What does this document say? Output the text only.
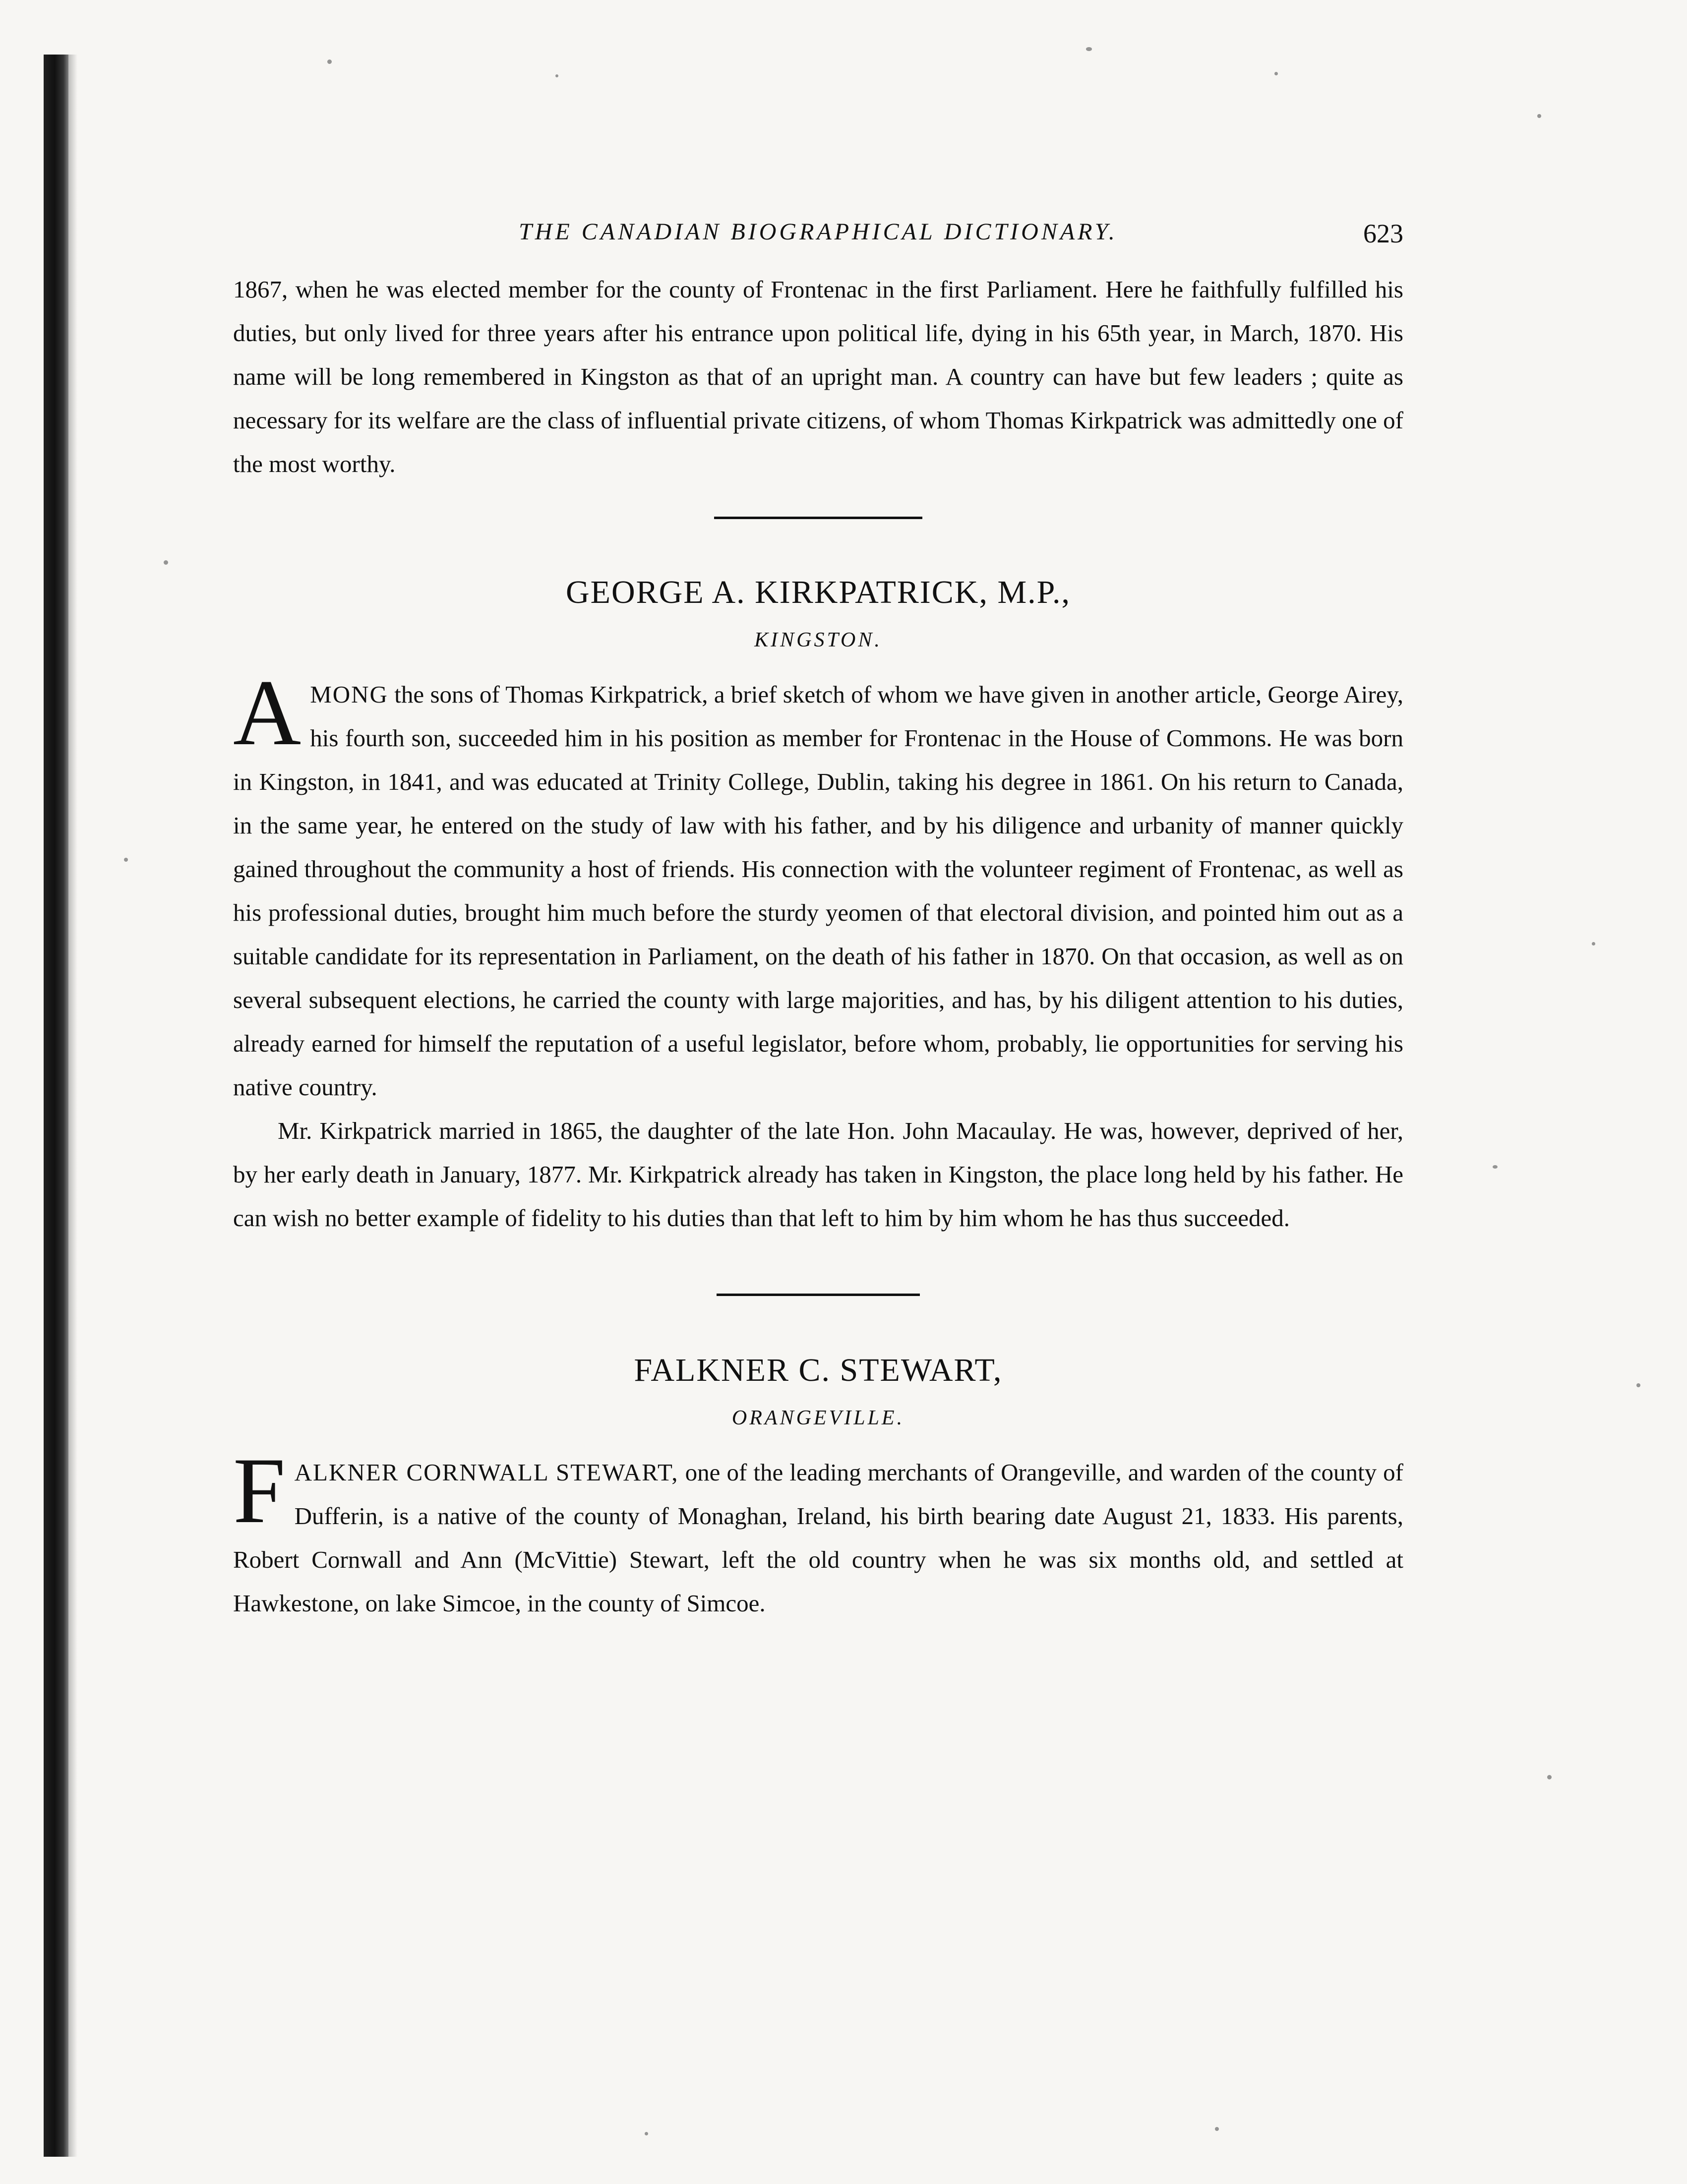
THE CANADIAN BIOGRAPHICAL DICTIONARY.	623

1867, when he was elected member for the county of Frontenac in the first Parliament. Here he faithfully fulfilled his duties, but only lived for three years after his entrance upon political life, dying in his 65th year, in March, 1870. His name will be long remembered in Kingston as that of an upright man. A country can have but few leaders ; quite as necessary for its welfare are the class of influential private citizens, of whom Thomas Kirkpatrick was admittedly one of the most worthy.

GEORGE A. KIRKPATRICK, M.P.,
KINGSTON.

AMONG the sons of Thomas Kirkpatrick, a brief sketch of whom we have given in another article, George Airey, his fourth son, succeeded him in his position as member for Frontenac in the House of Commons. He was born in Kingston, in 1841, and was educated at Trinity College, Dublin, taking his degree in 1861. On his return to Canada, in the same year, he entered on the study of law with his father, and by his diligence and urbanity of manner quickly gained throughout the community a host of friends. His connection with the volunteer regiment of Frontenac, as well as his professional duties, brought him much before the sturdy yeomen of that electoral division, and pointed him out as a suitable candidate for its representation in Parliament, on the death of his father in 1870. On that occasion, as well as on several subsequent elections, he carried the county with large majorities, and has, by his diligent attention to his duties, already earned for himself the reputation of a useful legislator, before whom, probably, lie opportunities for serving his native country.

Mr. Kirkpatrick married in 1865, the daughter of the late Hon. John Macaulay. He was, however, deprived of her, by her early death in January, 1877. Mr. Kirkpatrick already has taken in Kingston, the place long held by his father. He can wish no better example of fidelity to his duties than that left to him by him whom he has thus succeeded.

FALKNER C. STEWART,
ORANGEVILLE.

FALKNER CORNWALL STEWART, one of the leading merchants of Orangeville, and warden of the county of Dufferin, is a native of the county of Monaghan, Ireland, his birth bearing date August 21, 1833. His parents, Robert Cornwall and Ann (McVittie) Stewart, left the old country when he was six months old, and settled at Hawkestone, on lake Simcoe, in the county of Simcoe.
